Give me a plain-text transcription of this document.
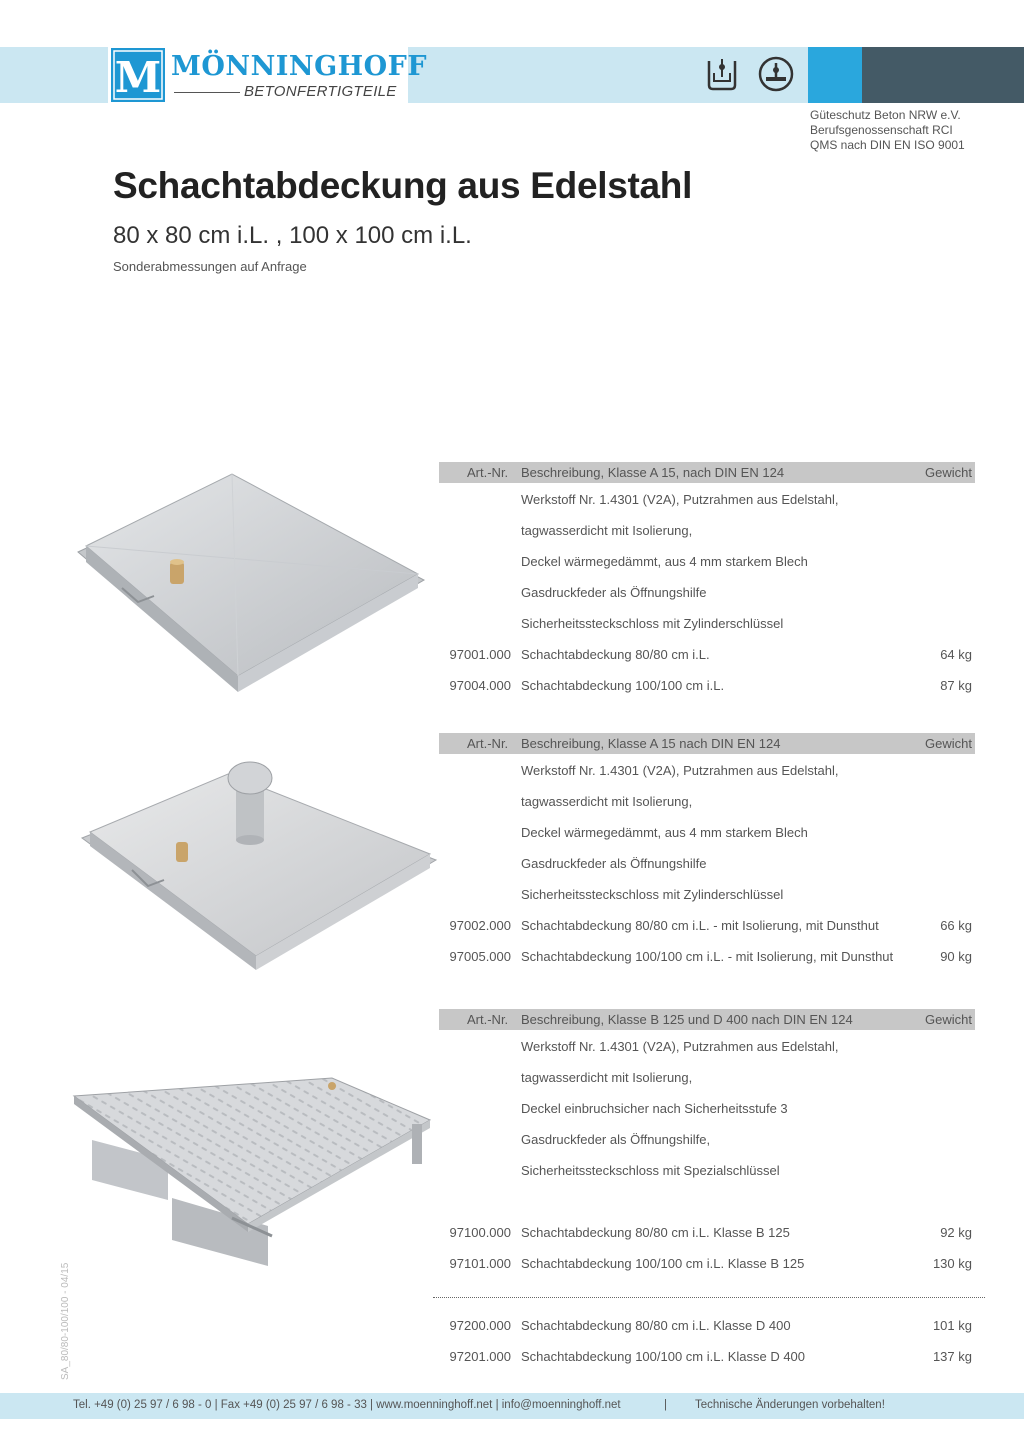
M MÖNNINGHOFF
BETONFERTIGTEILE
Güteschutz Beton NRW e.V.
Berufsgenossenschaft RCI
QMS nach DIN EN ISO 9001
Schachtabdeckung aus Edelstahl
80 x 80 cm i.L. , 100 x 100 cm i.L.
Sonderabmessungen auf Anfrage
Art.-Nr. Beschreibung, Klasse A 15, nach DIN EN 124	Gewicht
Werkstoff Nr. 1.4301 (V2A), Putzrahmen aus Edelstahl,
tagwasserdicht mit Isolierung,
Deckel wärmegedämmt, aus 4 mm starkem Blech
Gasdruckfeder als Öffnungshilfe
Sicherheitssteckschloss mit Zylinderschlüssel
97001.000 Schachtabdeckung 80/80 cm i.L.	64 kg
97004.000 Schachtabdeckung 100/100 cm i.L.	87 kg
Art.-Nr. Beschreibung, Klasse A 15 nach DIN EN 124	Gewicht
Werkstoff Nr. 1.4301 (V2A), Putzrahmen aus Edelstahl,
tagwasserdicht mit Isolierung,
Deckel wärmegedämmt, aus 4 mm starkem Blech
Gasdruckfeder als Öffnungshilfe
Sicherheitssteckschloss mit Zylinderschlüssel
97002.000 Schachtabdeckung 80/80 cm i.L. - mit Isolierung, mit Dunsthut	66 kg
97005.000 Schachtabdeckung 100/100 cm i.L. - mit Isolierung, mit Dunsthut	90 kg
Art.-Nr. Beschreibung, Klasse B 125 und D 400 nach DIN EN 124	Gewicht
Werkstoff Nr. 1.4301 (V2A), Putzrahmen aus Edelstahl,
tagwasserdicht mit Isolierung,
Deckel einbruchsicher nach Sicherheitsstufe 3
Gasdruckfeder als Öffnungshilfe,
Sicherheitssteckschloss mit Spezialschlüssel
97100.000 Schachtabdeckung 80/80 cm i.L. Klasse B 125	92 kg
97101.000 Schachtabdeckung 100/100 cm i.L. Klasse B 125	130 kg
97200.000 Schachtabdeckung 80/80 cm i.L. Klasse D 400	101 kg
97201.000 Schachtabdeckung 100/100 cm i.L. Klasse D 400	137 kg
SA_80/80-100/100 - 04/15
Tel. +49 (0) 25 97 / 6 98 - 0 | Fax +49 (0) 25 97 / 6 98 - 33 | www.moenninghoff.net | info@moenninghoff.net	| Technische Änderungen vorbehalten!
